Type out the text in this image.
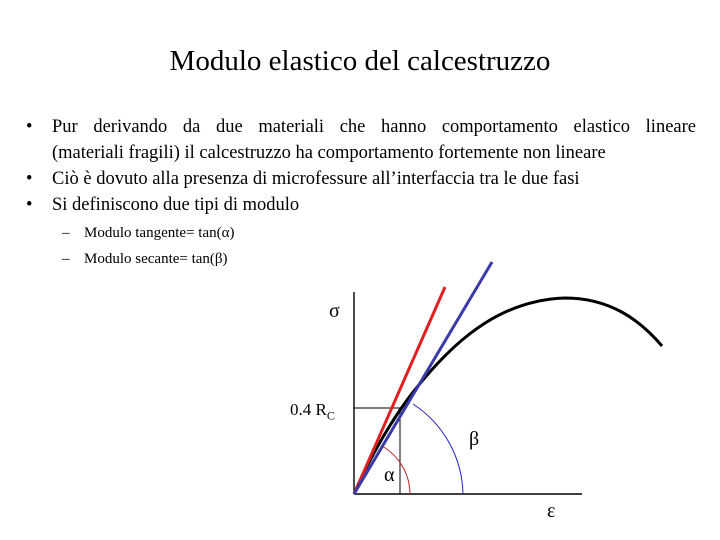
Modulo elastico del calcestruzzo
• Pur derivando da due materiali che hanno comportamento elastico lineare
(materiali fragili) il calcestruzzo ha comportamento fortemente non lineare
• Ciò è dovuto alla presenza di microfessure all’interfaccia tra le due fasi
• Si definiscono due tipi di modulo
– Modulo tangente= tan(α)
– Modulo secante= tan(β)
σ
ε
0.4 $R_C$
β
α
